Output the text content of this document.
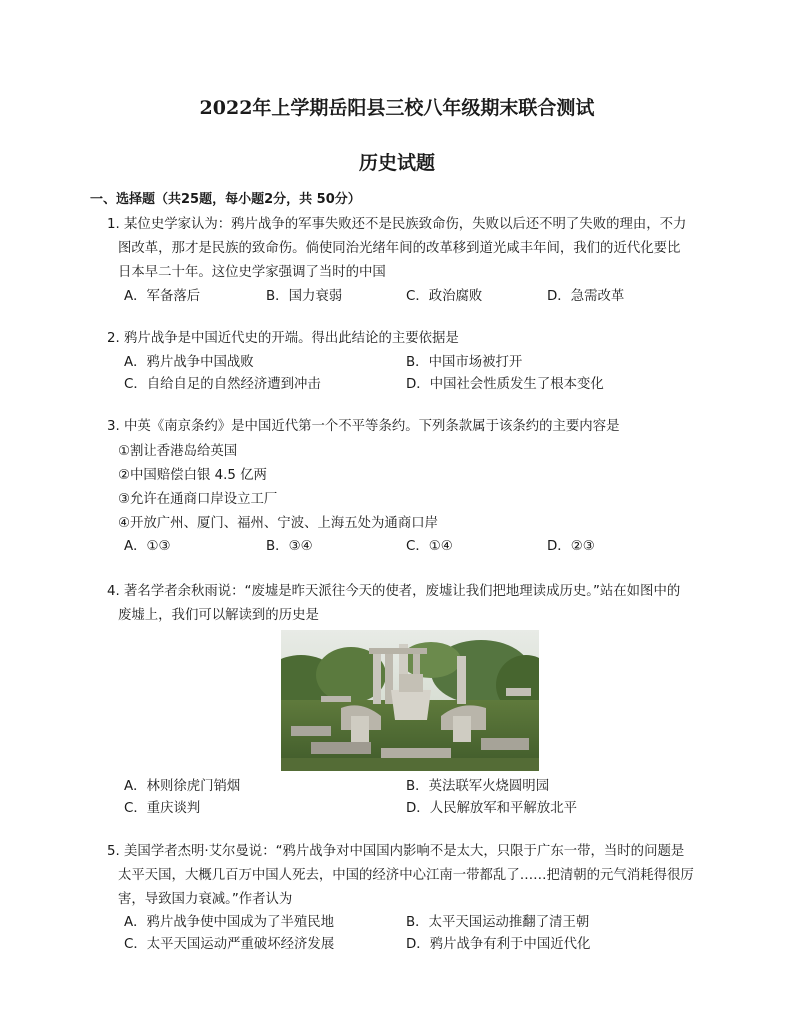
2022年上学期岳阳县三校八年级期末联合测试
历史试题
一、选择题（共25题，每小题2分，共 50分）
1. 某位史学家认为：鸦片战争的军事失败还不是民族致命伤，失败以后还不明了失败的理由，不力
图改革，那才是民族的致命伤。倘使同治光绪年间的改革移到道光咸丰年间，我们的近代化要比
日本早二十年。这位史学家强调了当时的中国
A．军备落后	B．国力衰弱	C．政治腐败	D．急需改革
2. 鸦片战争是中国近代史的开端。得出此结论的主要依据是
A．鸦片战争中国战败	B．中国市场被打开
C．自给自足的自然经济遭到冲击	D．中国社会性质发生了根本变化
3. 中英《南京条约》是中国近代第一个不平等条约。下列条款属于该条约的主要内容是
①割让香港岛给英国
②中国赔偿白银 4.5 亿两
③允许在通商口岸设立工厂
④开放广州、厦门、福州、宁波、上海五处为通商口岸
A．①③	B．③④	C．①④	D．②③
4. 著名学者余秋雨说：“废墟是昨天派往今天的使者，废墟让我们把地理读成历史。”站在如图中的
废墟上，我们可以解读到的历史是
A．林则徐虎门销烟	B．英法联军火烧圆明园
C．重庆谈判	D．人民解放军和平解放北平
5. 美国学者杰明·艾尔曼说：“鸦片战争对中国国内影响不是太大，只限于广东一带，当时的问题是
太平天国，大概几百万中国人死去，中国的经济中心江南一带都乱了……把清朝的元气消耗得很厉
害，导致国力衰减。”作者认为
A．鸦片战争使中国成为了半殖民地	B．太平天国运动推翻了清王朝
C．太平天国运动严重破坏经济发展	D．鸦片战争有利于中国近代化
